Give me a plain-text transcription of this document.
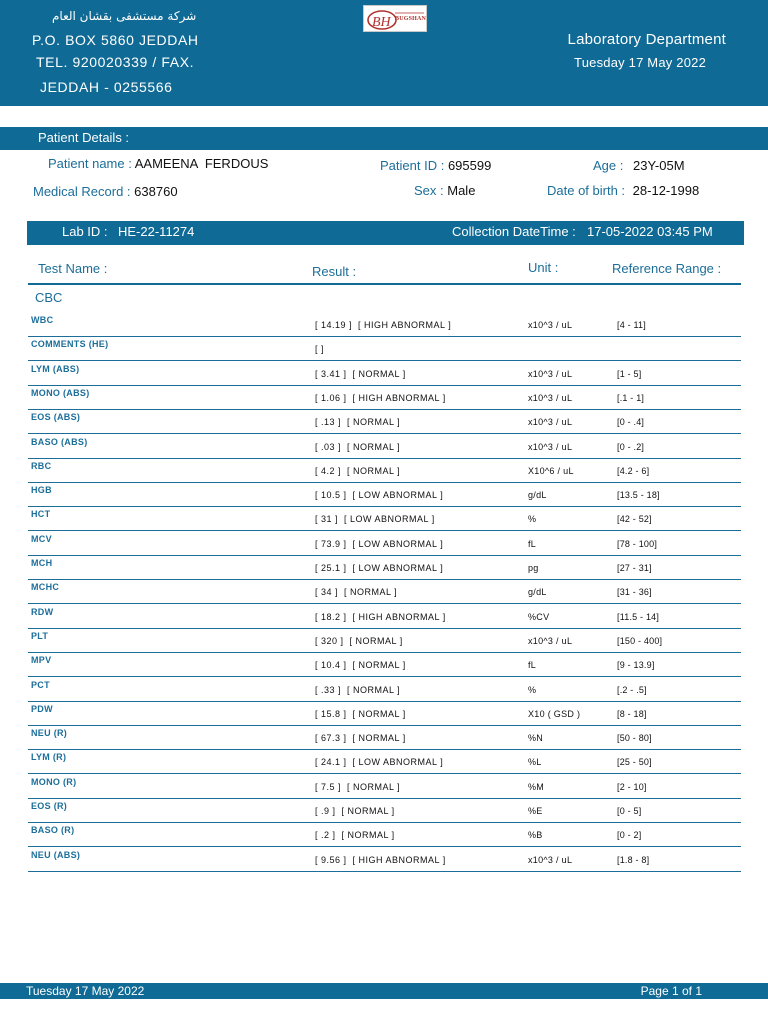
شركة مستشفى بقشان العام
P.O. BOX 5860 JEDDAH
TEL. 920020339 / FAX.
JEDDAH - 0255566
Laboratory Department
Tuesday 17 May 2022
BH BUGSHAN
Patient Details :
Patient name : AAMEENA  FERDOUS	Patient ID : 695599	Age : 23Y-05M
Medical Record : 638760	Sex : Male	Date of birth : 28-12-1998
Lab ID : HE-22-11274	Collection DateTime : 17-05-2022 03:45 PM
Test Name :	Result :	Unit :	Reference Range :
CBC
WBC	[ 14.19 ]  [ HIGH ABNORMAL ]	x10^3 / uL	[4 - 11]
COMMENTS (HE)	[ ]
LYM (ABS)	[ 3.41 ]  [ NORMAL ]	x10^3 / uL	[1 - 5]
MONO (ABS)	[ 1.06 ]  [ HIGH ABNORMAL ]	x10^3 / uL	[.1 - 1]
EOS (ABS)	[ .13 ]  [ NORMAL ]	x10^3 / uL	[0 - .4]
BASO (ABS)	[ .03 ]  [ NORMAL ]	x10^3 / uL	[0 - .2]
RBC	[ 4.2 ]  [ NORMAL ]	X10^6 / uL	[4.2 - 6]
HGB	[ 10.5 ]  [ LOW ABNORMAL ]	g/dL	[13.5 - 18]
HCT	[ 31 ]  [ LOW ABNORMAL ]	%	[42 - 52]
MCV	[ 73.9 ]  [ LOW ABNORMAL ]	fL	[78 - 100]
MCH	[ 25.1 ]  [ LOW ABNORMAL ]	pg	[27 - 31]
MCHC	[ 34 ]  [ NORMAL ]	g/dL	[31 - 36]
RDW	[ 18.2 ]  [ HIGH ABNORMAL ]	%CV	[11.5 - 14]
PLT	[ 320 ]  [ NORMAL ]	x10^3 / uL	[150 - 400]
MPV	[ 10.4 ]  [ NORMAL ]	fL	[9 - 13.9]
PCT	[ .33 ]  [ NORMAL ]	%	[.2 - .5]
PDW	[ 15.8 ]  [ NORMAL ]	X10 ( GSD )	[8 - 18]
NEU (R)	[ 67.3 ]  [ NORMAL ]	%N	[50 - 80]
LYM (R)	[ 24.1 ]  [ LOW ABNORMAL ]	%L	[25 - 50]
MONO (R)	[ 7.5 ]  [ NORMAL ]	%M	[2 - 10]
EOS (R)	[ .9 ]  [ NORMAL ]	%E	[0 - 5]
BASO (R)	[ .2 ]  [ NORMAL ]	%B	[0 - 2]
NEU (ABS)	[ 9.56 ]  [ HIGH ABNORMAL ]	x10^3 / uL	[1.8 - 8]
Tuesday 17 May 2022	Page 1 of 1
